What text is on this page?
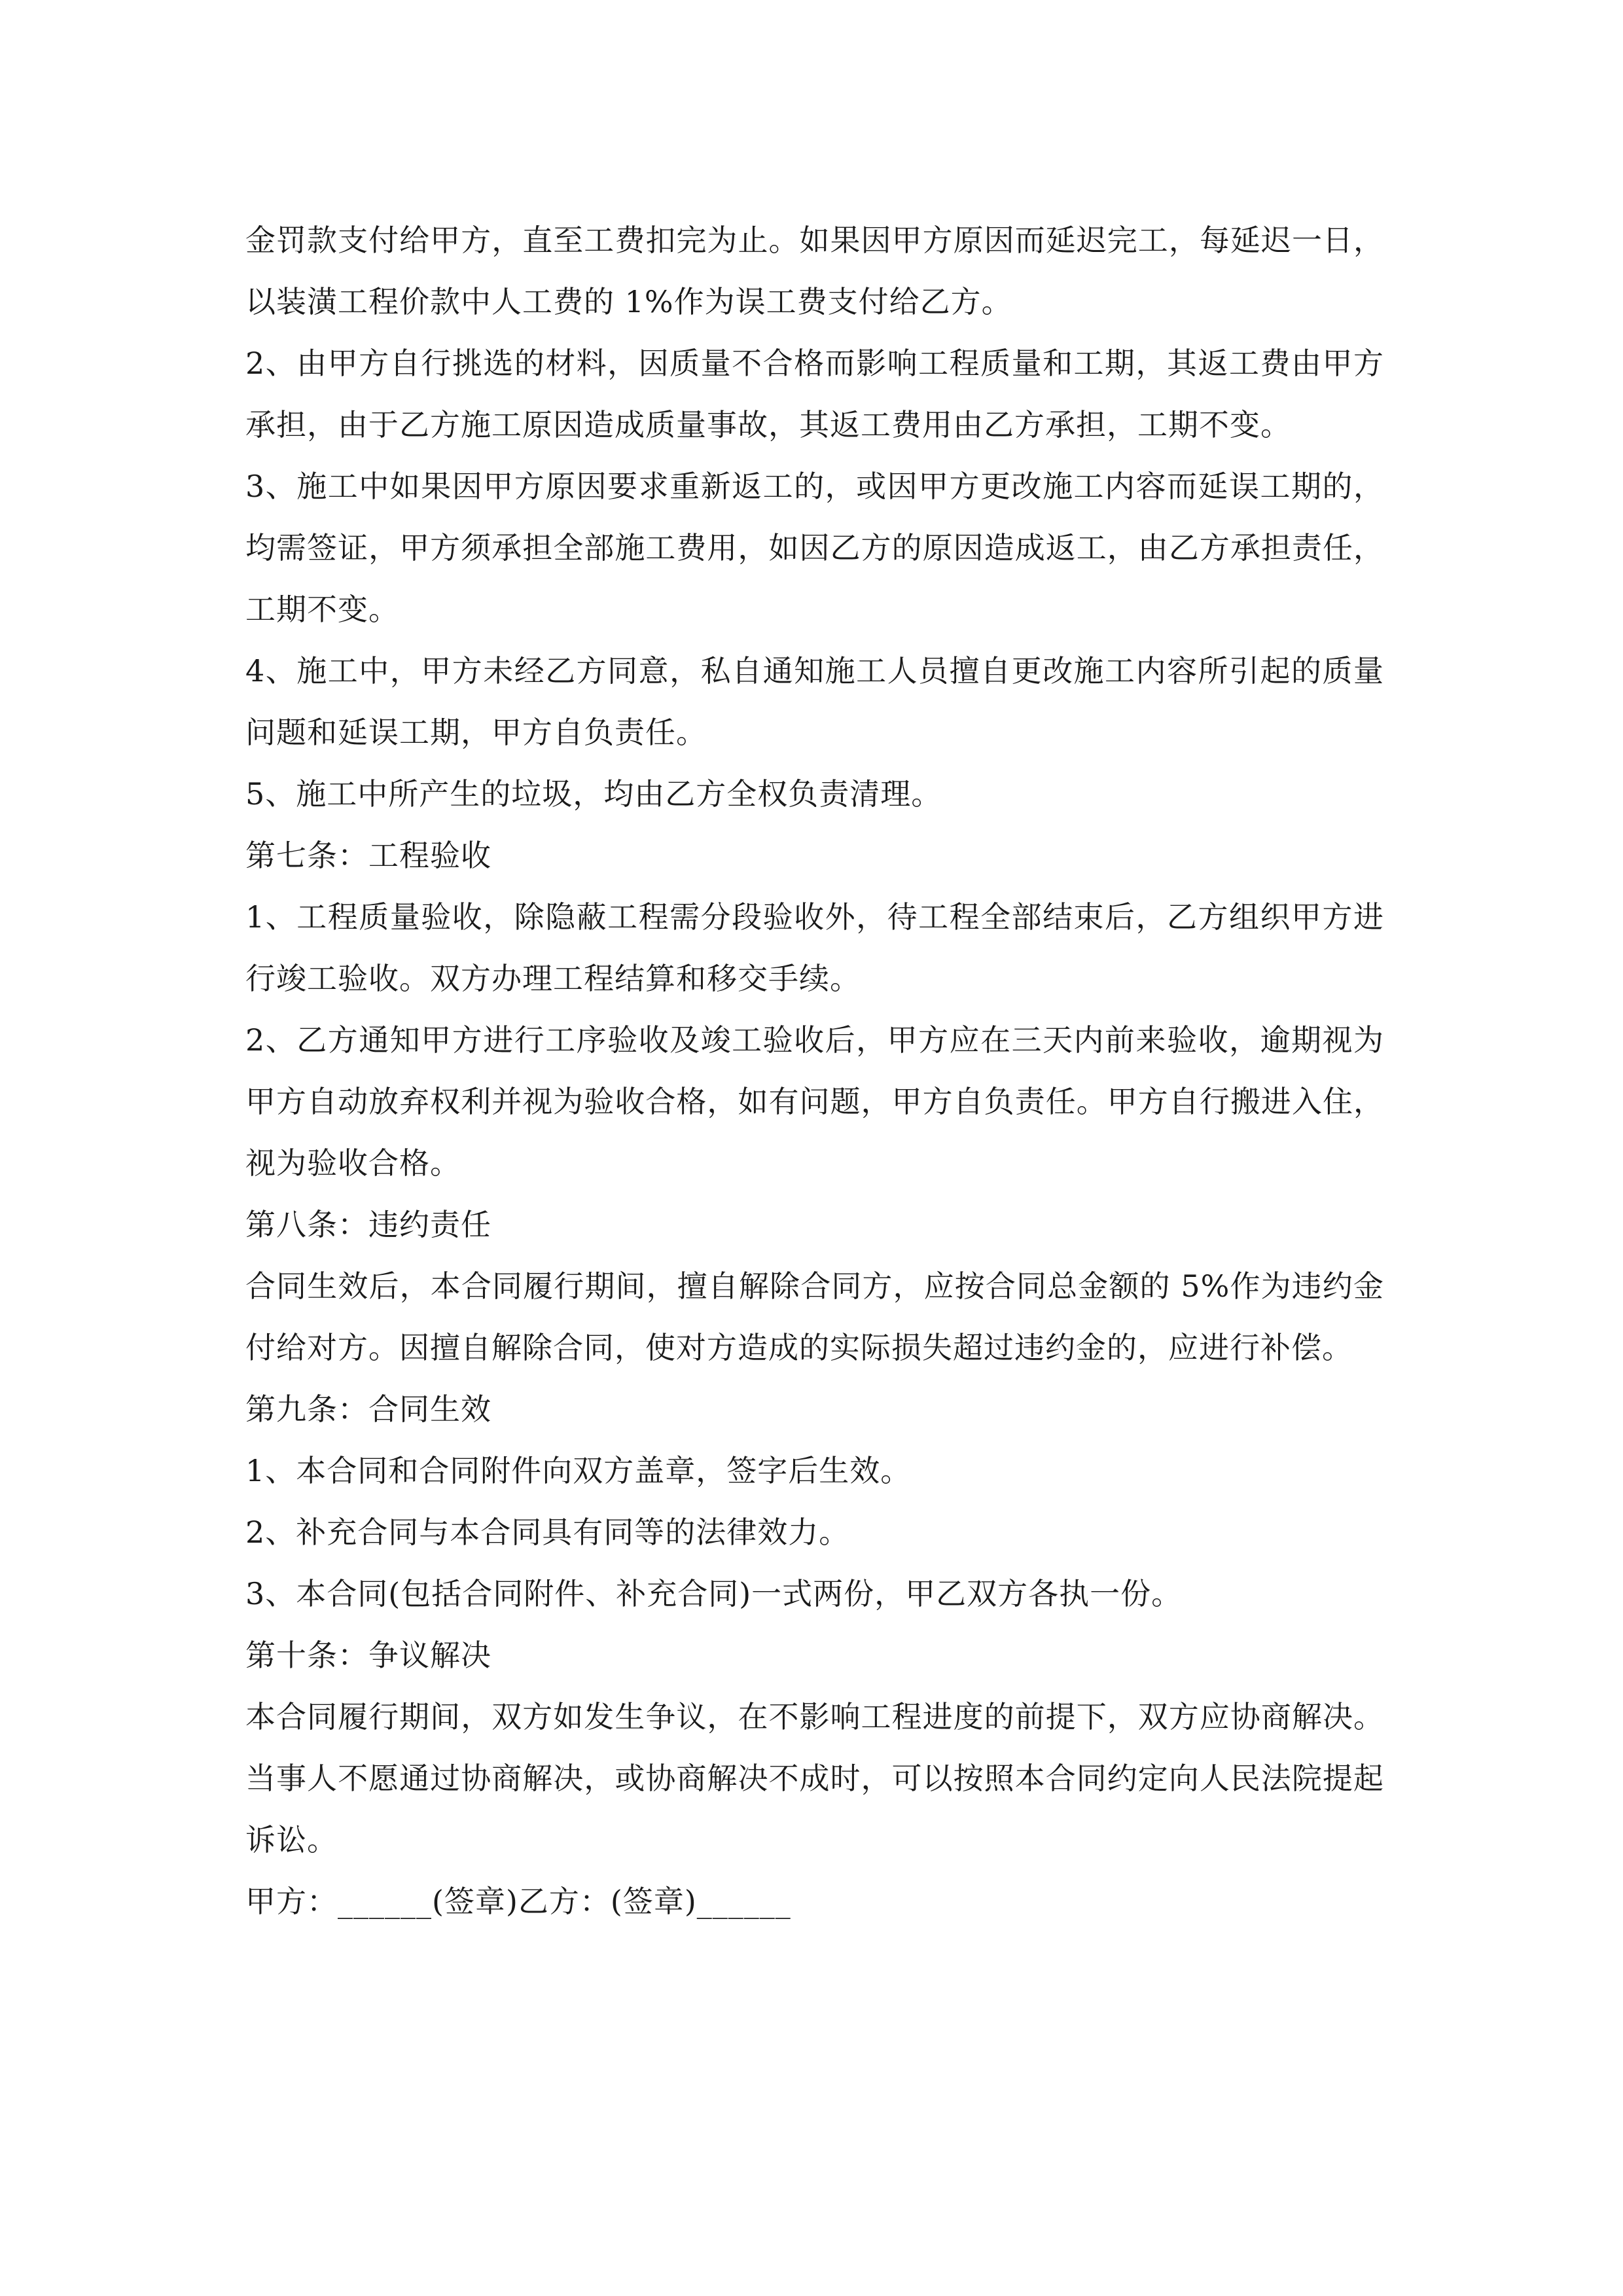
金罚款支付给甲方，直至工费扣完为止。如果因甲方原因而延迟完工，每延迟一日，以装潢工程价款中人工费的 1%作为误工费支付给乙方。

2、由甲方自行挑选的材料，因质量不合格而影响工程质量和工期，其返工费由甲方承担，由于乙方施工原因造成质量事故，其返工费用由乙方承担，工期不变。

3、施工中如果因甲方原因要求重新返工的，或因甲方更改施工内容而延误工期的，均需签证，甲方须承担全部施工费用，如因乙方的原因造成返工，由乙方承担责任，工期不变。

4、施工中，甲方未经乙方同意，私自通知施工人员擅自更改施工内容所引起的质量问题和延误工期，甲方自负责任。

5、施工中所产生的垃圾，均由乙方全权负责清理。

第七条：工程验收

1、工程质量验收，除隐蔽工程需分段验收外，待工程全部结束后，乙方组织甲方进行竣工验收。双方办理工程结算和移交手续。

2、乙方通知甲方进行工序验收及竣工验收后，甲方应在三天内前来验收，逾期视为甲方自动放弃权利并视为验收合格，如有问题，甲方自负责任。甲方自行搬进入住，视为验收合格。

第八条：违约责任

合同生效后，本合同履行期间，擅自解除合同方，应按合同总金额的 5%作为违约金付给对方。因擅自解除合同，使对方造成的实际损失超过违约金的，应进行补偿。

第九条：合同生效

1、本合同和合同附件向双方盖章，签字后生效。

2、补充合同与本合同具有同等的法律效力。

3、本合同(包括合同附件、补充合同)一式两份，甲乙双方各执一份。

第十条：争议解决

本合同履行期间，双方如发生争议，在不影响工程进度的前提下，双方应协商解决。当事人不愿通过协商解决，或协商解决不成时，可以按照本合同约定向人民法院提起诉讼。

甲方：______(签章)乙方：(签章)______
